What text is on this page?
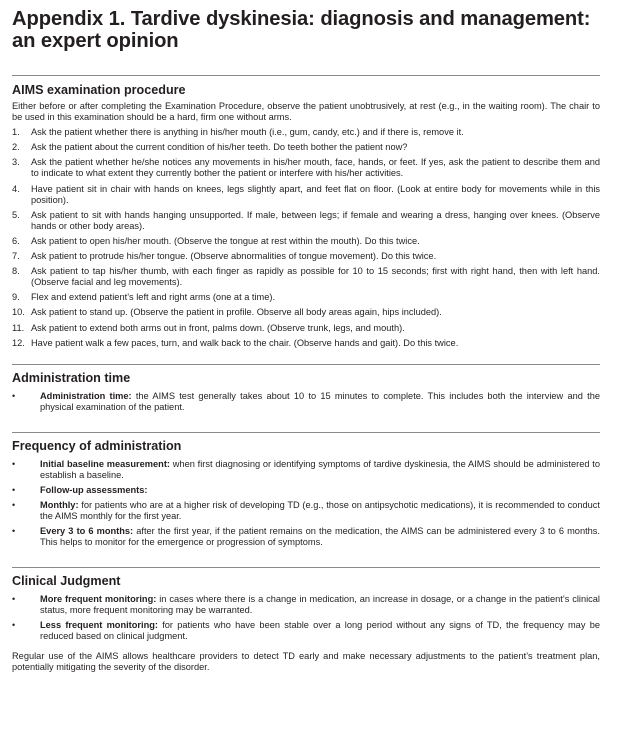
Appendix 1. Tardive dyskinesia: diagnosis and management:
an expert opinion
AIMS examination procedure

Either before or after completing the Examination Procedure, observe the patient unobtrusively, at rest (e.g., in the waiting room). The chair to be used in this examination should be a hard, firm one without arms.

1. Ask the patient whether there is anything in his/her mouth (i.e., gum, candy, etc.) and if there is, remove it.
2. Ask the patient about the current condition of his/her teeth. Do teeth bother the patient now?
3. Ask the patient whether he/she notices any movements in his/her mouth, face, hands, or feet. If yes, ask the patient to describe them and to indicate to what extent they currently bother the patient or interfere with his/her activities.
4. Have patient sit in chair with hands on knees, legs slightly apart, and feet flat on floor. (Look at entire body for movements while in this position).
5. Ask patient to sit with hands hanging unsupported. If male, between legs; if female and wearing a dress, hanging over knees. (Observe hands or other body areas).
6. Ask patient to open his/her mouth. (Observe the tongue at rest within the mouth). Do this twice.
7. Ask patient to protrude his/her tongue. (Observe abnormalities of tongue movement). Do this twice.
8. Ask patient to tap his/her thumb, with each finger as rapidly as possible for 10 to 15 seconds; first with right hand, then with left hand. (Observe facial and leg movements).
9. Flex and extend patient’s left and right arms (one at a time).
10. Ask patient to stand up. (Observe the patient in profile. Observe all body areas again, hips included).
11. Ask patient to extend both arms out in front, palms down. (Observe trunk, legs, and mouth).
12. Have patient walk a few paces, turn, and walk back to the chair. (Observe hands and gait). Do this twice.
Administration time
•	Administration time: the AIMS test generally takes about 10 to 15 minutes to complete. This includes both the interview and the physical examination of the patient.
Frequency of administration
•	Initial baseline measurement: when first diagnosing or identifying symptoms of tardive dyskinesia, the AIMS should be administered to establish a baseline.
•	Follow-up assessments:
•	Monthly: for patients who are at a higher risk of developing TD (e.g., those on antipsychotic medications), it is recommended to conduct the AIMS monthly for the first year.
•	Every 3 to 6 months: after the first year, if the patient remains on the medication, the AIMS can be administered every 3 to 6 months. This helps to monitor for the emergence or progression of symptoms.
Clinical Judgment
•	More frequent monitoring: in cases where there is a change in medication, an increase in dosage, or a change in the patient’s clinical status, more frequent monitoring may be warranted.
•	Less frequent monitoring: for patients who have been stable over a long period without any signs of TD, the frequency may be reduced based on clinical judgment.

Regular use of the AIMS allows healthcare providers to detect TD early and make necessary adjustments to the patient’s treatment plan, potentially mitigating the severity of the disorder.
